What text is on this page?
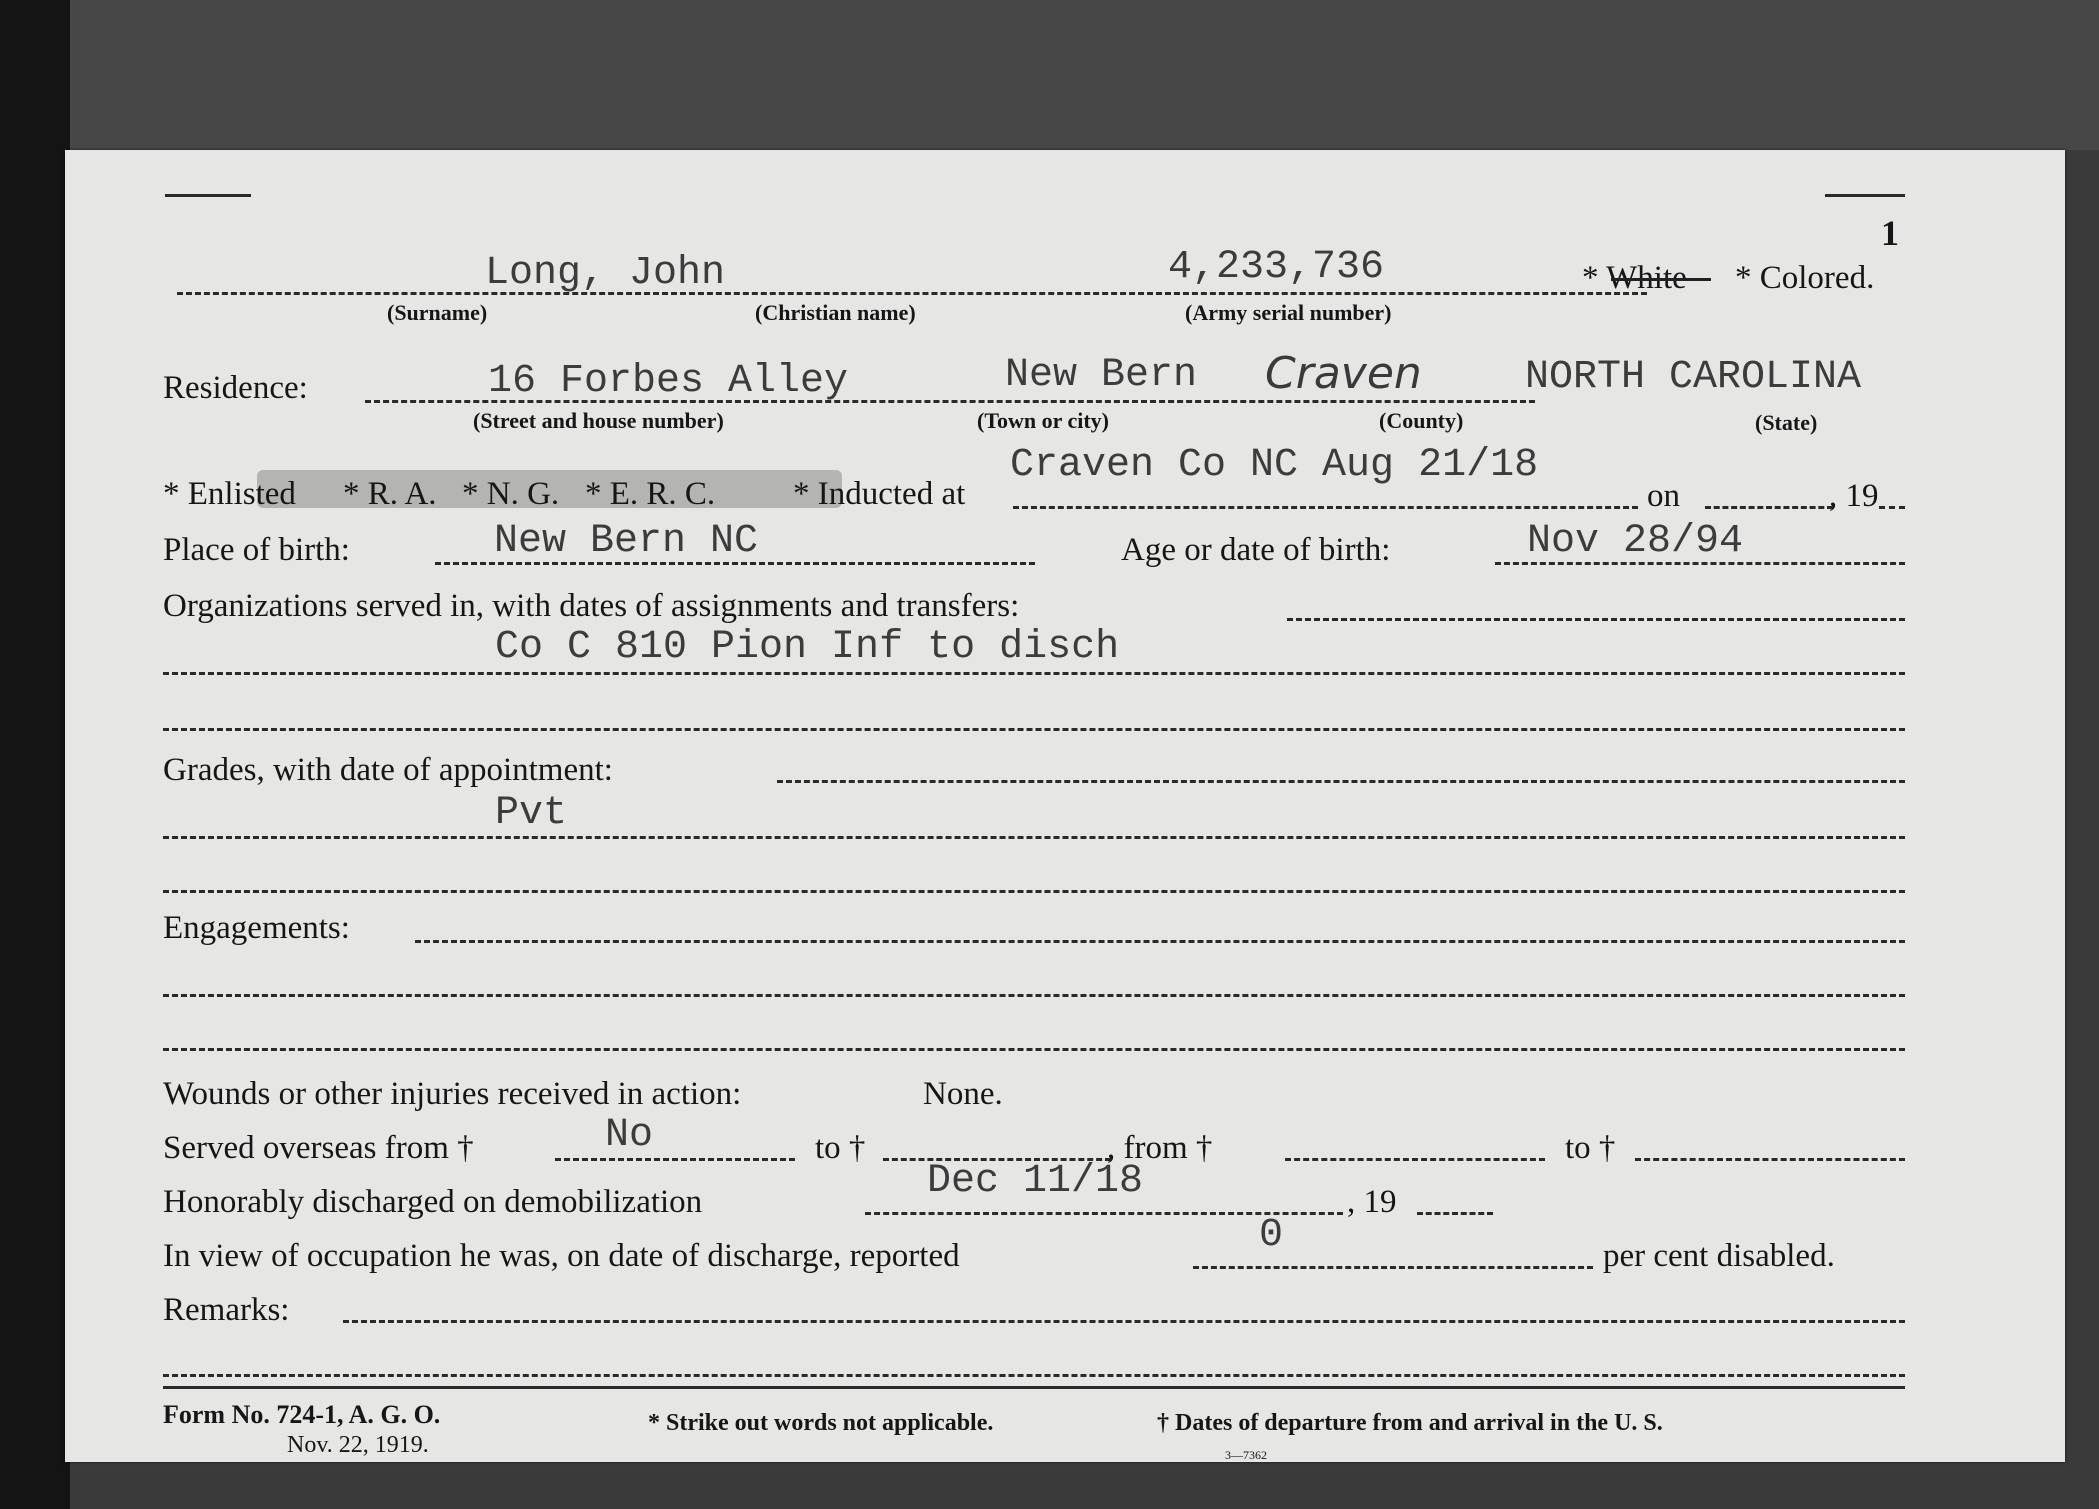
1
Long, John	4,233,736	* White * Colored.
(Surname)	(Christian name)	(Army serial number)
Residence:	16 Forbes Alley	New Bern Craven	NORTH CAROLINA
(Street and house number)	(Town or city)	(County)	(State)
* Enlisted * R. A. * N. G. * E. R. C. * Inducted at
Craven Co NC Aug 21/18
on	, 19
Place of birth:	New Bern NC	Age or date of birth:	Nov 28/94
Organizations served in, with dates of assignments and transfers:
Co C 810 Pion Inf to disch
Grades, with date of appointment:
Pvt
Engagements:
Wounds or other injuries received in action:	None.
Served overseas from †	No	to †	, from †	to †
Honorably discharged on demobilization	Dec 11/18	, 19
In view of occupation he was, on date of discharge, reported	0	per cent disabled.
Remarks:
Form No. 724-1, A. G. O.
Nov. 22, 1919.
* Strike out words not applicable.	† Dates of departure from and arrival in the U. S.
3—7362
